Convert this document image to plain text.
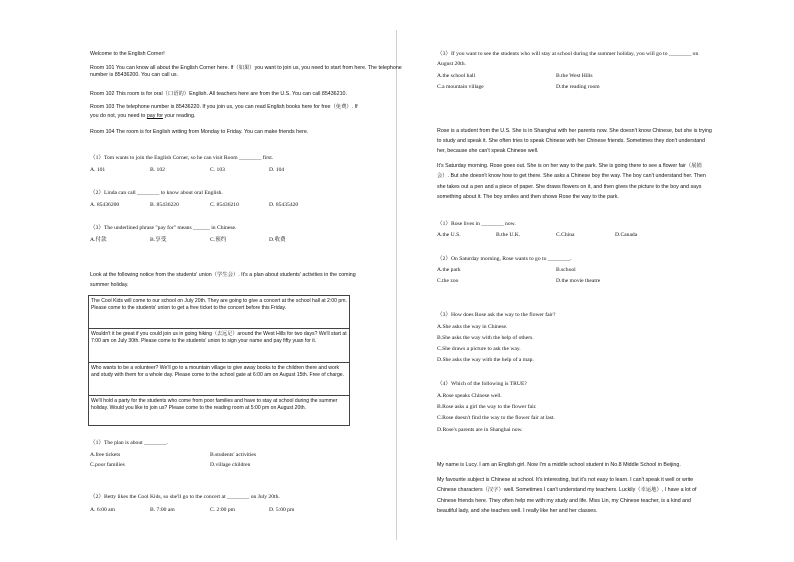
Welcome to the English Corner!
Room 101 You can know all about the English Corner here. If（如果）you want to join us, you need to start from here. The telephone number is 85436200. You can call us.
Room 102 This room is for oral（口语的）English. All teachers here are from the U.S. You can call 85436210.
Room 103 The telephone number is 85436220. If you join us, you can read English books here for free（免费）. If
you do not, you need to pay for your reading.
Room 104 The room is for English writing from Monday to Friday. You can make friends here.
（1）Tom wants to join the English Corner, so he can visit Room ________ first.
A. 101	B. 102	C. 103	D. 104
（2）Linda can call ________ to know about oral English.
A. 85436200	B. 85436220	C. 85436210	D. 85435420
（3）The underlined phrase "pay for" means ______ in Chinese.
A.付款	B.享受	C.预约	D.收费
Look at the following notice from the students' union（学生会）. It's a plan about students' activities in the coming
summer holiday.
The Cool Kids will come to our school on July 20th. They are going to give a concert at the school hall at 2:00 pm. Please come to the students' union to get a free ticket to the concert before this Friday.
Wouldn't it be great if you could join us in going hiking（去远足）around the West Hills for two days? We'll start at 7:00 am on July 30th. Please come to the students' union to sign your name and pay fifty yuan for it.
Who wants to be a volunteer? We'll go to a mountain village to give away books to the children there and work and study with them for a whole day. Please come to the school gate at 6:00 am on August 15th. Free of charge.
We'll hold a party for the students who come from poor families and have to stay at school during the summer holiday. Would you like to join us? Please come to the reading room at 5:00 pm on August 20th.
（1）The plan is about ________.
A.free tickets	B.students' activities
C.poor families	D.village children
（2）Betty likes the Cool Kids, so she'll go to the concert at ________ on July 20th.
A. 6:00 am	B. 7:00 am	C. 2:00 pm	D. 5:00 pm
（3）If you want to see the students who will stay at school during the summer holiday, you will go to ________ on
August 20th.
A.the school hall	B.the West Hills
C.a mountain village	D.the reading room
Rose is a student from the U.S. She is in Shanghai with her parents now. She doesn't know Chinese, but she is trying
to study and speak it. She often tries to speak Chinese with her Chinese friends. Sometimes they don't understand
her, because she can't speak Chinese well.
It's Saturday morning. Rose goes out. She is on her way to the park. She is going there to see a flower fair（展销
会）. But she doesn't know how to get there. She asks a Chinese boy the way. The boy can't understand her. Then
she takes out a pen and a piece of paper. She draws flowers on it, and then gives the picture to the boy and says
something about it. The boy smiles and then shows Rose the way to the park.
（1）Rose lives in ________ now.
A.the U.S.	B.the U.K.	C.China	D.Canada
（2）On Saturday morning, Rose wants to go to ________.
A.the park	B.school
C.the zoo	D.the movie theatre
（3）How does Rose ask the way to the flower fair?
A.She asks the way in Chinese.
B.She asks the way with the help of others.
C.She draws a picture to ask the way.
D.She asks the way with the help of a map.
（4）Which of the following is TRUE?
A.Rose speaks Chinese well.
B.Rose asks a girl the way to the flower fair.
C.Rose doesn't find the way to the flower fair at last.
D.Rose's parents are in Shanghai now.
My name is Lucy. I am an English girl. Now I'm a middle school student in No.8 Middle School in Beijing.
My favourite subject is Chinese at school. It's interesting, but it's not easy to learn. I can't speak it well or write
Chinese characters（汉字）well. Sometimes I can't understand my teachers. Luckily（幸运地）, I have a lot of
Chinese friends here. They often help me with my study and life. Miss Lin, my Chinese teacher, is a kind and
beautiful lady, and she teaches well. I really like her and her classes.
